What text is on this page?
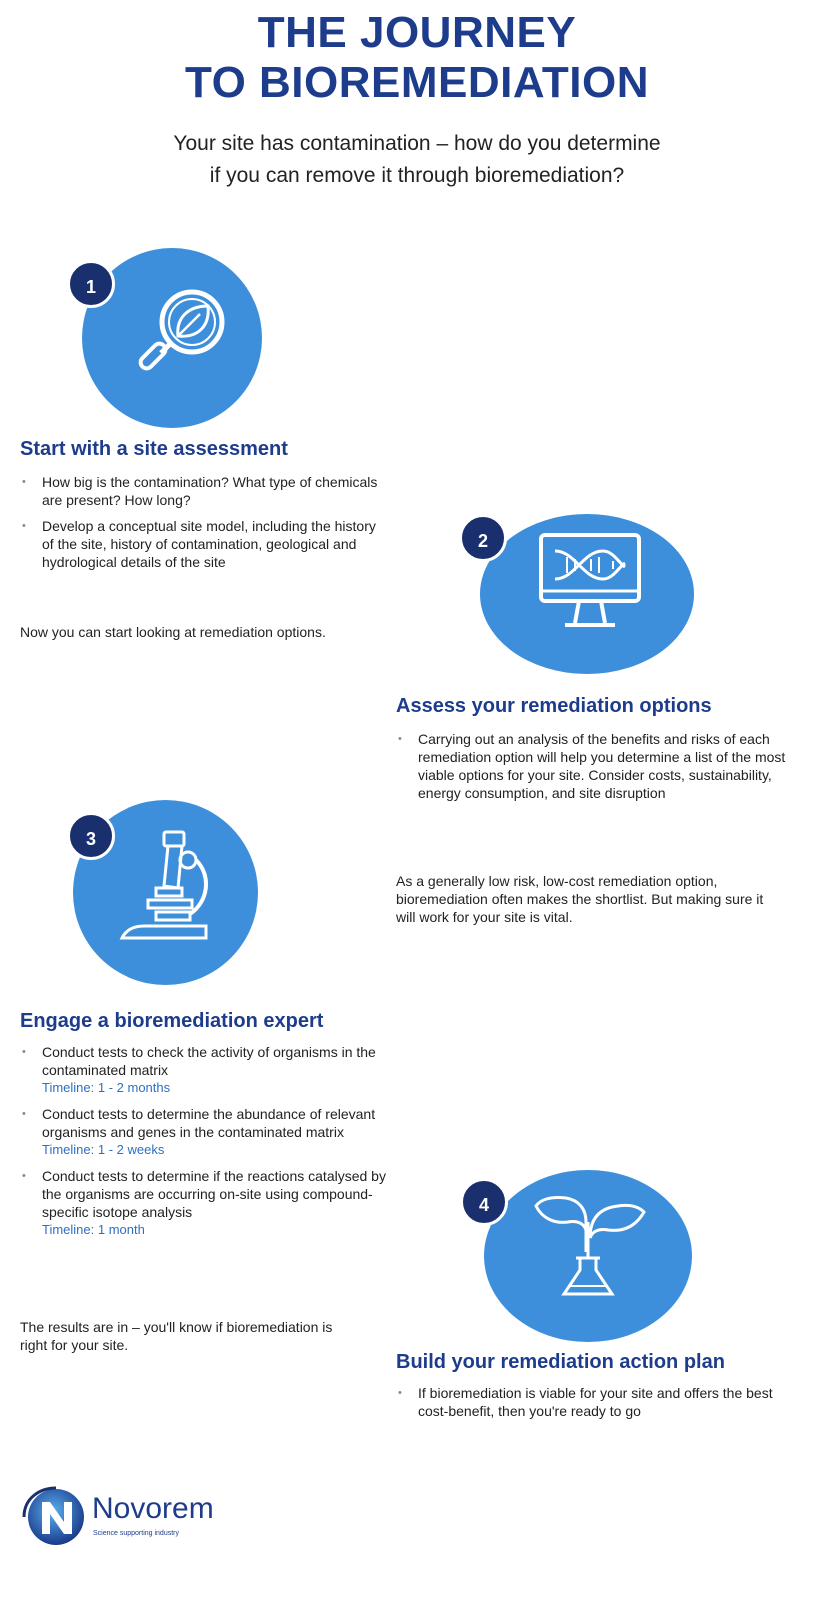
THE JOURNEY
TO BIOREMEDIATION
Your site has contamination – how do you determine
if you can remove it through bioremediation?
1
Start with a site assessment
• How big is the contamination? What type of chemicals are present? How long?
• Develop a conceptual site model, including the history of the site, history of contamination, geological and hydrological details of the site
Now you can start looking at remediation options.
2
Assess your remediation options
• Carrying out an analysis of the benefits and risks of each remediation option will help you determine a list of the most viable options for your site. Consider costs, sustainability, energy consumption, and site disruption
As a generally low risk, low-cost remediation option, bioremediation often makes the shortlist. But making sure it will work for your site is vital.
3
Engage a bioremediation expert
• Conduct tests to check the activity of organisms in the contaminated matrix
Timeline: 1 - 2 months
• Conduct tests to determine the abundance of relevant organisms and genes in the contaminated matrix
Timeline: 1 - 2 weeks
• Conduct tests to determine if the reactions catalysed by the organisms are occurring on-site using compound-specific isotope analysis
Timeline: 1 month
The results are in – you'll know if bioremediation is right for your site.
4
Build your remediation action plan
• If bioremediation is viable for your site and offers the best cost-benefit, then you're ready to go
Novorem
Science supporting industry
